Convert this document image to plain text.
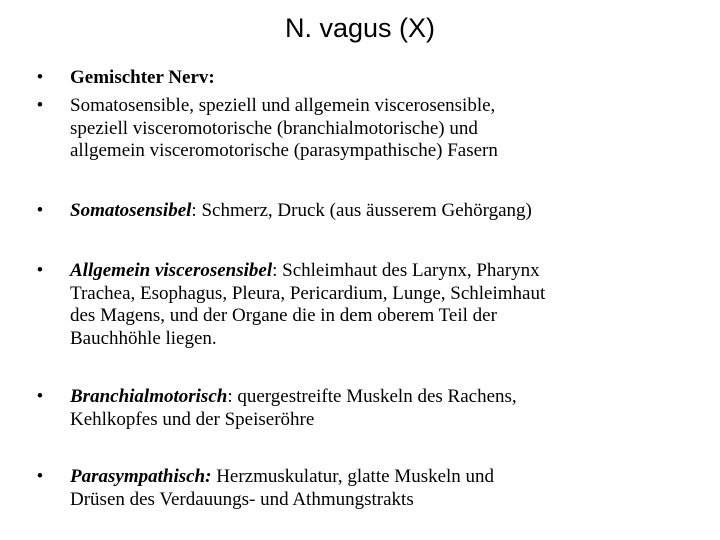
N. vagus (X)
•	Gemischter Nerv:
•	Somatosensible, speziell und allgemein viscerosensible,
speziell visceromotorische (branchialmotorische) und
allgemein visceromotorische (parasympathische) Fasern
•	Somatosensibel: Schmerz, Druck (aus äusserem Gehörgang)
•	Allgemein viscerosensibel: Schleimhaut des Larynx, Pharynx
Trachea, Esophagus, Pleura, Pericardium, Lunge, Schleimhaut
des Magens, und der Organe die in dem oberem Teil der
Bauchhöhle liegen.
•	Branchialmotorisch: quergestreifte Muskeln des Rachens,
Kehlkopfes und der Speiseröhre
•	Parasympathisch: Herzmuskulatur, glatte Muskeln und
Drüsen des Verdauungs- und Athmungstrakts
